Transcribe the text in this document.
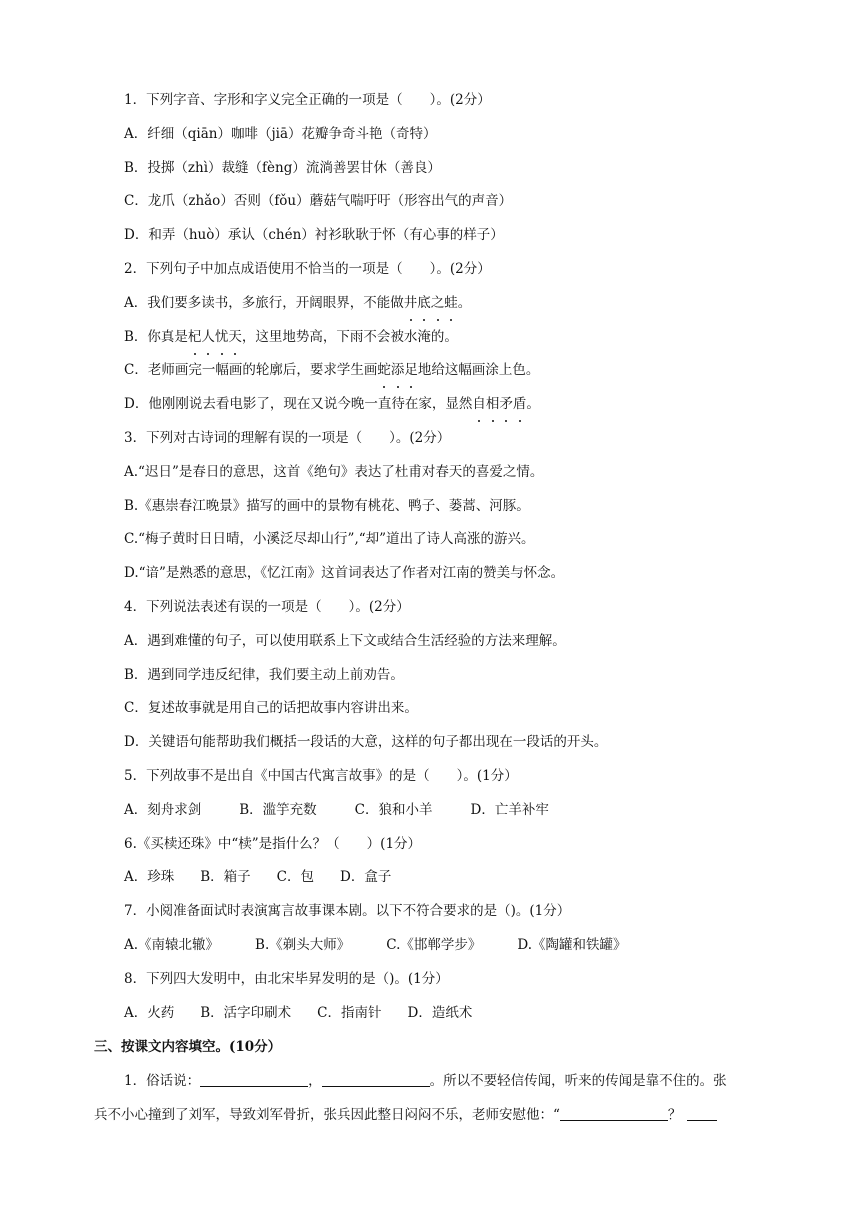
1．下列字音、字形和字义完全正确的一项是（　　）。(2分）
A．纤细（qiān）咖啡（jiā）花瓣争奇斗艳（奇特）
B．投掷（zhì）裁缝（fèng）流淌善罢甘休（善良）
C．龙爪（zhǎo）否则（fǒu）蘑菇气喘吁吁（形容出气的声音）
D．和弄（huò）承认（chén）衬衫耿耿于怀（有心事的样子）
2．下列句子中加点成语使用不恰当的一项是（　　）。(2分）
A．我们要多读书，多旅行，开阔眼界，不能做井底之蛙。
B．你真是杞人忧天，这里地势高，下雨不会被水淹的。
C．老师画完一幅画的轮廓后，要求学生画蛇添足地给这幅画涂上色。
D．他刚刚说去看电影了，现在又说今晚一直待在家，显然自相矛盾。
3．下列对古诗词的理解有误的一项是（　　）。(2分）
A.“迟日”是春日的意思，这首《绝句》表达了杜甫对春天的喜爱之情。
B.《惠崇春江晚景》描写的画中的景物有桃花、鸭子、蒌蒿、河豚。
C.“梅子黄时日日晴，小溪泛尽却山行”,“却”道出了诗人高涨的游兴。
D.“谙”是熟悉的意思，《忆江南》这首词表达了作者对江南的赞美与怀念。
4．下列说法表述有误的一项是（　　）。(2分）
A．遇到难懂的句子，可以使用联系上下文或结合生活经验的方法来理解。
B．遇到同学违反纪律，我们要主动上前劝告。
C．复述故事就是用自己的话把故事内容讲出来。
D．关键语句能帮助我们概括一段话的大意，这样的句子都出现在一段话的开头。
5．下列故事不是出自《中国古代寓言故事》的是（　　）。(1分）
A．刻舟求剑	B．滥竽充数	C．狼和小羊	D．亡羊补牢
6.《买椟还珠》中“椟”是指什么？（　　）(1分）
A．珍珠 B．箱子 C．包 D．盒子
7．小阅准备面试时表演寓言故事课本剧。以下不符合要求的是（)。(1分）
A.《南辕北辙》	B.《剃头大师》	C.《邯郸学步》	D.《陶罐和铁罐》
8．下列四大发明中，由北宋毕昇发明的是（)。(1分）
A．火药 B．活字印刷术 C．指南针 D．造纸术
三、按课文内容填空。(10分）
1．俗话说：	，	。所以不要轻信传闻，听来的传闻是靠不住的。张
兵不小心撞到了刘军，导致刘军骨折，张兵因此整日闷闷不乐，老师安慰他：“	？
